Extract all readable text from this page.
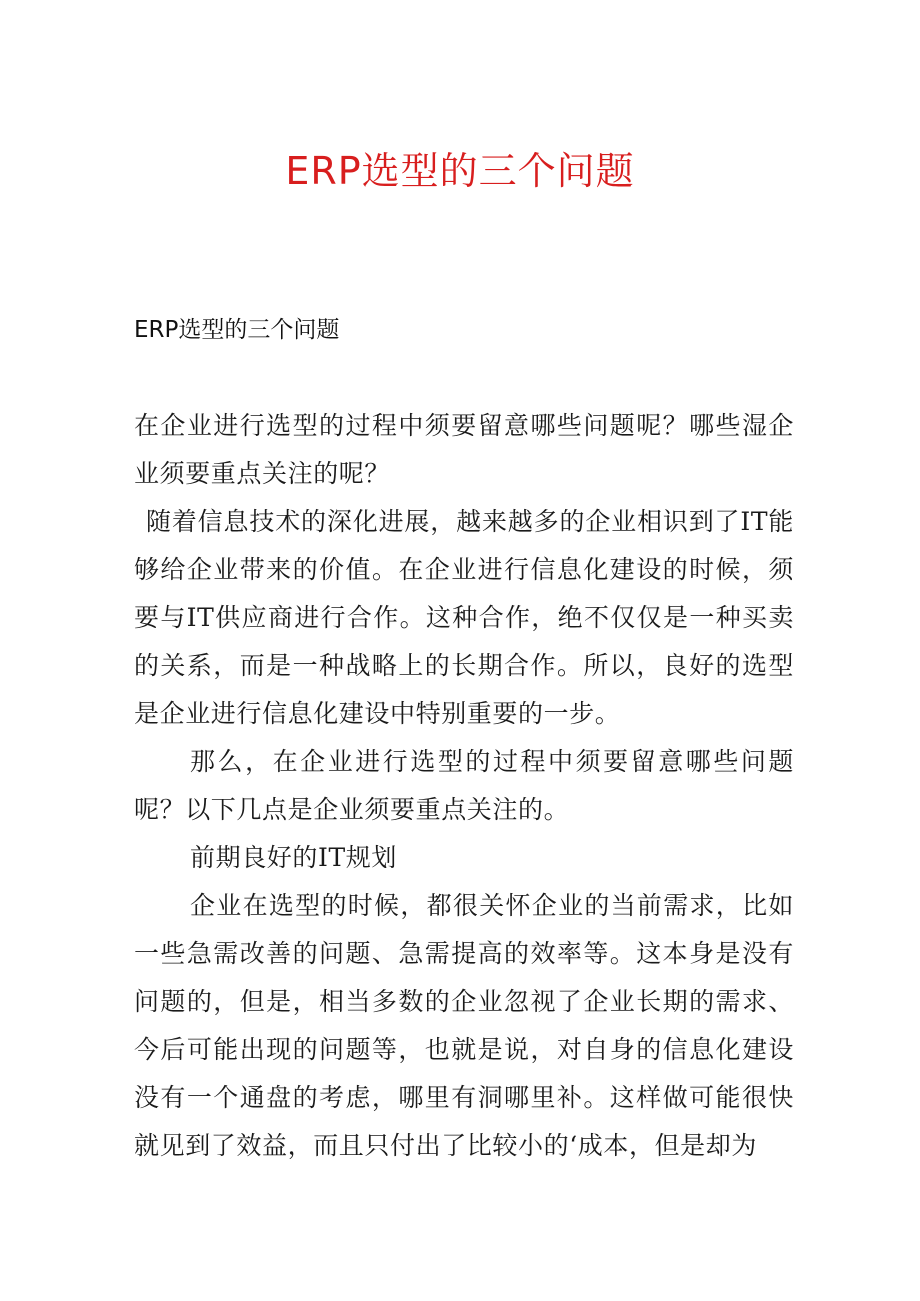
ERP选型的三个问题
ERP选型的三个问题

在企业进行选型的过程中须要留意哪些问题呢？哪些湿企业须要重点关注的呢？

随着信息技术的深化进展，越来越多的企业相识到了IT能够给企业带来的价值。在企业进行信息化建设的时候，须要与IT供应商进行合作。这种合作，绝不仅仅是一种买卖的关系，而是一种战略上的长期合作。所以，良好的选型是企业进行信息化建设中特别重要的一步。

那么，在企业进行选型的过程中须要留意哪些问题呢？以下几点是企业须要重点关注的。

前期良好的IT规划

企业在选型的时候，都很关怀企业的当前需求，比如一些急需改善的问题、急需提高的效率等。这本身是没有问题的，但是，相当多数的企业忽视了企业长期的需求、今后可能出现的问题等，也就是说，对自身的信息化建设没有一个通盘的考虑，哪里有洞哪里补。这样做可能很快就见到了效益，而且只付出了比较小的‘成本，但是却为
